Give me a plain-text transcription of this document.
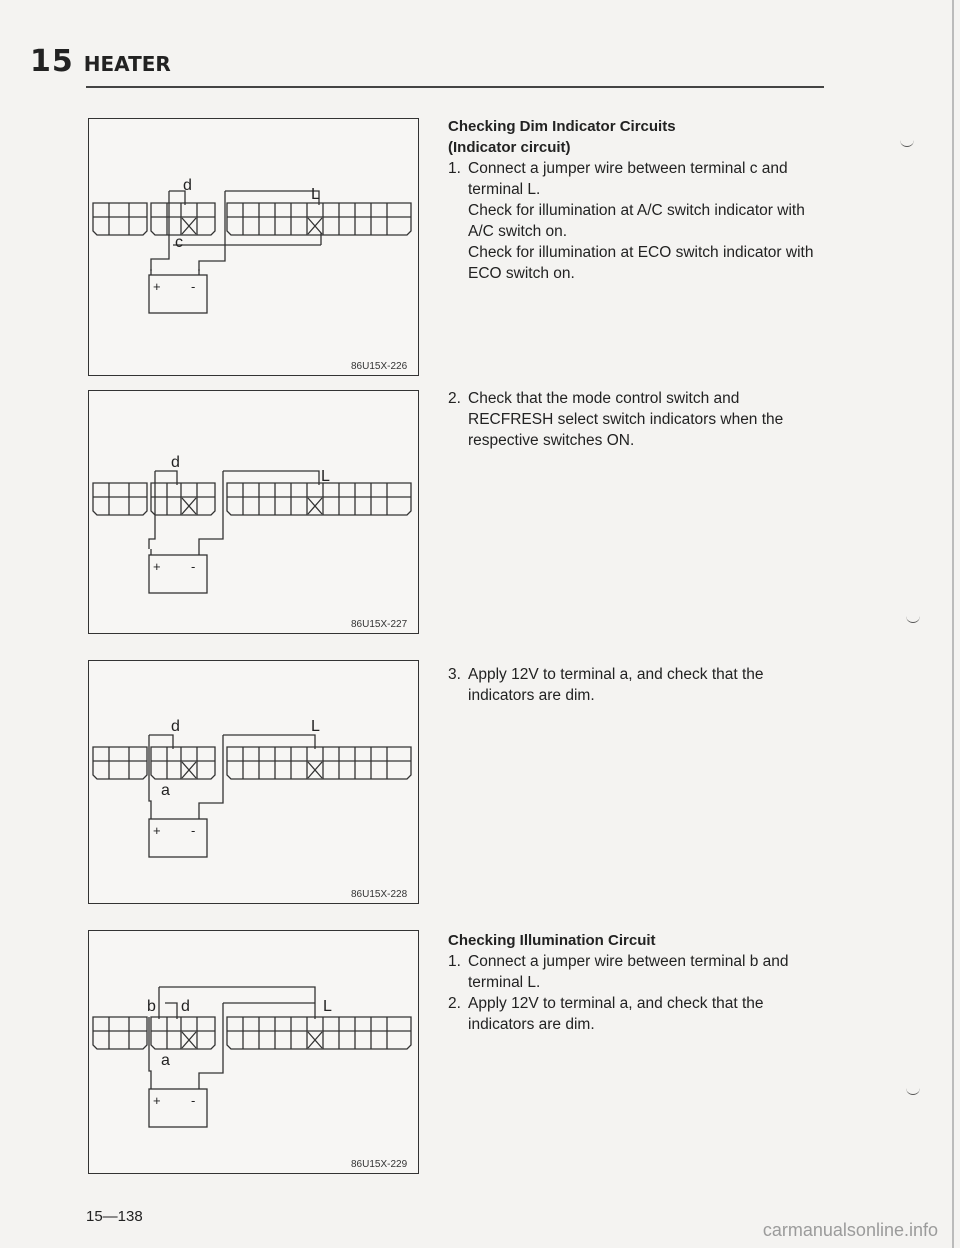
15 HEATER
d
L
c
+ -
86U15X-226
d
L
+ -
86U15X-227
d	L
a
+ -
86U15X-228
b d	L
a
+ -
86U15X-229
Checking Dim Indicator Circuits
(Indicator circuit)
1. Connect a jumper wire between terminal c and terminal L.

Check for illumination at A/C switch indicator with A/C switch on.

Check for illumination at ECO switch indicator with ECO switch on.

2. Check that the mode control switch and RECFRESH select switch indicators when the respective switches ON.

3. Apply 12V to terminal a, and check that the indicators are dim.

Checking Illumination Circuit
1. Connect a jumper wire between terminal b and terminal L.

2. Apply 12V to terminal a, and check that the indicators are dim.

15—138
carmanualsonline.info
